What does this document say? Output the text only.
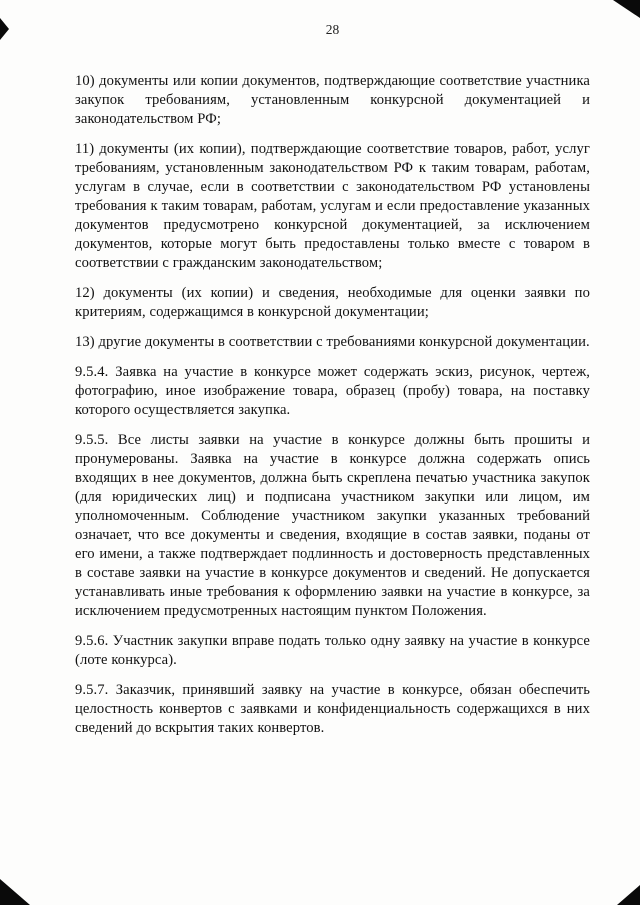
28

10) документы или копии документов, подтверждающие соответствие участника закупок требованиям, установленным конкурсной документацией и законодательством РФ;

11) документы (их копии), подтверждающие соответствие товаров, работ, услуг требованиям, установленным законодательством РФ к таким товарам, работам, услугам в случае, если в соответствии с законодательством РФ установлены требования к таким товарам, работам, услугам и если предоставление указанных документов предусмотрено конкурсной документацией, за исключением документов, которые могут быть предоставлены только вместе с товаром в соответствии с гражданским законодательством;

12) документы (их копии) и сведения, необходимые для оценки заявки по критериям, содержащимся в конкурсной документации;

13) другие документы в соответствии с требованиями конкурсной документации.

9.5.4. Заявка на участие в конкурсе может содержать эскиз, рисунок, чертеж, фотографию, иное изображение товара, образец (пробу) товара, на поставку которого осуществляется закупка.

9.5.5. Все листы заявки на участие в конкурсе должны быть прошиты и пронумерованы. Заявка на участие в конкурсе должна содержать опись входящих в нее документов, должна быть скреплена печатью участника закупок (для юридических лиц) и подписана участником закупки или лицом, им уполномоченным. Соблюдение участником закупки указанных требований означает, что все документы и сведения, входящие в состав заявки, поданы от его имени, а также подтверждает подлинность и достоверность представленных в составе заявки на участие в конкурсе документов и сведений. Не допускается устанавливать иные требования к оформлению заявки на участие в конкурсе, за исключением предусмотренных настоящим пунктом Положения.

9.5.6. Участник закупки вправе подать только одну заявку на участие в конкурсе (лоте конкурса).

9.5.7. Заказчик, принявший заявку на участие в конкурсе, обязан обеспечить целостность конвертов с заявками и конфиденциальность содержащихся в них сведений до вскрытия таких конвертов.
